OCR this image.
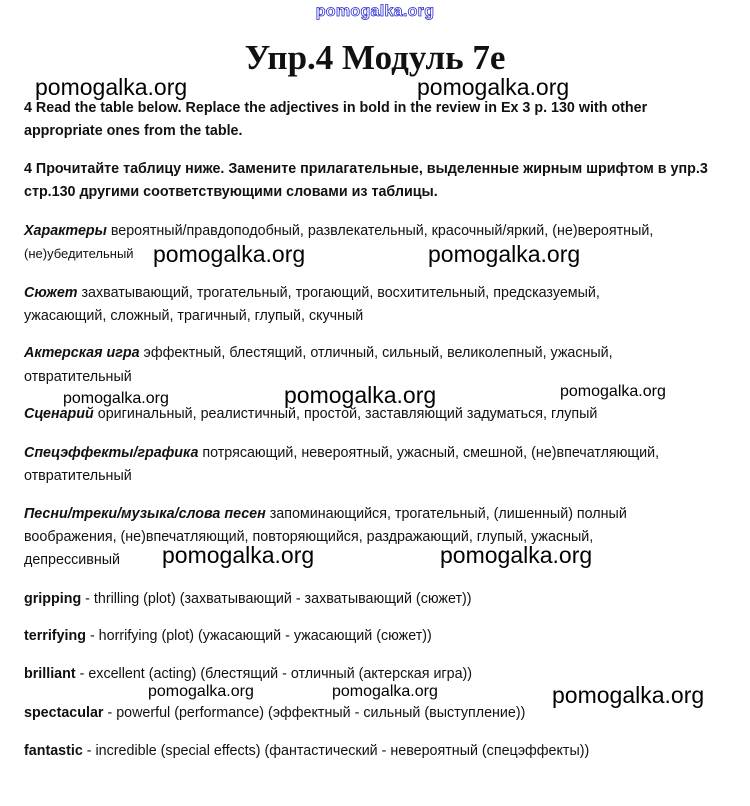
pomogalka.org
Упр.4 Модуль 7е
4 Read the table below. Replace the adjectives in bold in the review in Ex 3 p. 130 with other
appropriate ones from the table.
4 Прочитайте таблицу ниже. Замените прилагательные, выделенные жирным шрифтом в упр.3
стр.130 другими соответствующими словами из таблицы.
Характеры вероятный/правдоподобный, развлекательный, красочный/яркий, (не)вероятный,
(не)убедительный
Сюжет захватывающий, трогательный, трогающий, восхитительный, предсказуемый,
ужасающий, сложный, трагичный, глупый, скучный
Актерская игра эффектный, блестящий, отличный, сильный, великолепный, ужасный,
отвратительный
Сценарий оригинальный, реалистичный, простой, заставляющий задуматься, глупый
Спецэффекты/графика потрясающий, невероятный, ужасный, смешной, (не)впечатляющий,
отвратительный
Песни/треки/музыка/слова песен запоминающийся, трогательный, (лишенный) полный
воображения, (не)впечатляющий, повторяющийся, раздражающий, глупый, ужасный,
депрессивный
gripping - thrilling (plot) (захватывающий - захватывающий (сюжет))
terrifying - horrifying (plot) (ужасающий - ужасающий (сюжет))
brilliant - excellent (acting) (блестящий - отличный (актерская игра))
spectacular - powerful (performance) (эффектный - сильный (выступление))
fantastic - incredible (special effects) (фантастический - невероятный (спецэффекты))
pomogalka.org	pomogalka.org
pomogalka.org	pomogalka.org
pomogalka.org	pomogalka.org	pomogalka.org
pomogalka.org	pomogalka.org
pomogalka.org	pomogalka.org	pomogalka.org
